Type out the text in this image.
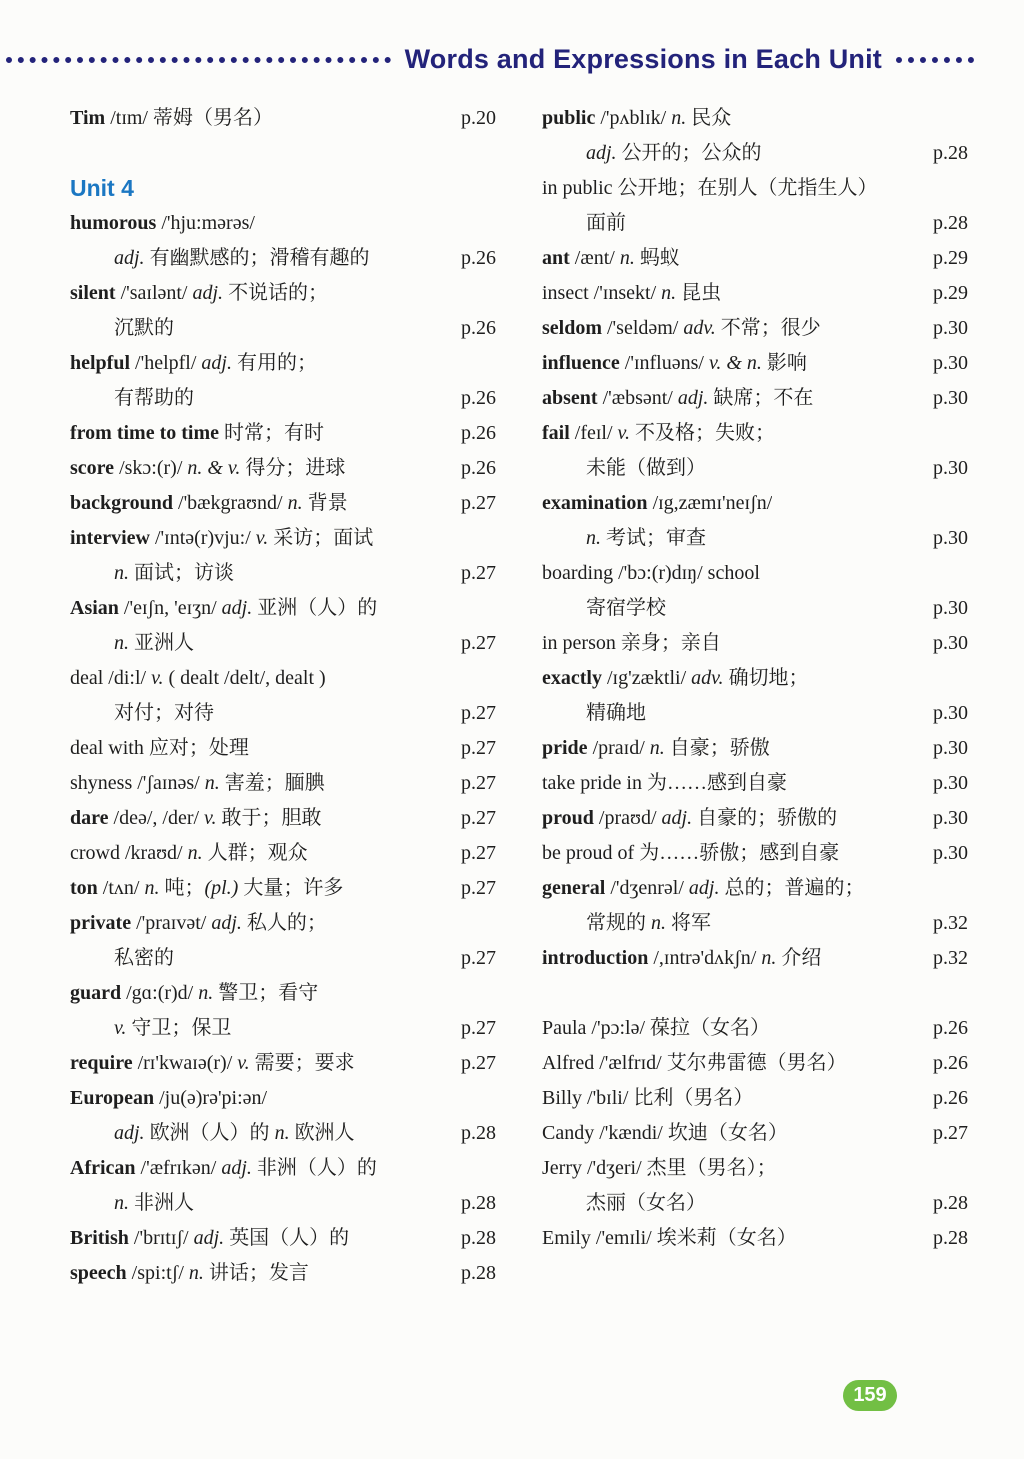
Words and Expressions in Each Unit
Tim /tɪm/ 蒂姆（男名）	p.20
Unit 4
humorous /'hju:mərəs/
adj. 有幽默感的；滑稽有趣的	p.26
silent /'saɪlənt/ adj. 不说话的；
沉默的	p.26
helpful /'helpfl/ adj. 有用的；
有帮助的	p.26
from time to time 时常；有时	p.26
score /skɔ:(r)/ n. & v. 得分；进球	p.26
background /'bækgraʊnd/ n. 背景	p.27
interview /'ɪntə(r)vju:/ v. 采访；面试
n. 面试；访谈	p.27
Asian /'eɪʃn, 'eɪʒn/ adj. 亚洲（人）的
n. 亚洲人	p.27
deal /di:l/ v. ( dealt /delt/, dealt )
对付；对待	p.27
deal with 应对；处理	p.27
shyness /'ʃaɪnəs/ n. 害羞；腼腆	p.27
dare /deə/, /der/ v. 敢于；胆敢	p.27
crowd /kraʊd/ n. 人群；观众	p.27
ton /tʌn/ n. 吨；(pl.) 大量；许多	p.27
private /'praɪvət/ adj. 私人的；
私密的	p.27
guard /gɑ:(r)d/ n. 警卫；看守
v. 守卫；保卫	p.27
require /rɪ'kwaɪə(r)/ v. 需要；要求	p.27
European /ju(ə)rə'pi:ən/
adj. 欧洲（人）的 n. 欧洲人	p.28
African /'æfrɪkən/ adj. 非洲（人）的
n. 非洲人	p.28
British /'brɪtɪʃ/ adj. 英国（人）的	p.28
speech /spi:tʃ/ n. 讲话；发言	p.28
public /'pʌblɪk/ n. 民众
adj. 公开的；公众的	p.28
in public 公开地；在别人（尤指生人）
面前	p.28
ant /ænt/ n. 蚂蚁	p.29
insect /'ɪnsekt/ n. 昆虫	p.29
seldom /'seldəm/ adv. 不常；很少	p.30
influence /'ɪnfluəns/ v. & n. 影响	p.30
absent /'æbsənt/ adj. 缺席；不在	p.30
fail /feɪl/ v. 不及格；失败；
未能（做到）	p.30
examination /ɪg,zæmɪ'neɪʃn/
n. 考试；审查	p.30
boarding /'bɔ:(r)dɪŋ/ school
寄宿学校	p.30
in person 亲身；亲自	p.30
exactly /ɪg'zæktli/ adv. 确切地；
精确地	p.30
pride /praɪd/ n. 自豪；骄傲	p.30
take pride in 为……感到自豪	p.30
proud /praʊd/ adj. 自豪的；骄傲的	p.30
be proud of 为……骄傲；感到自豪	p.30
general /'dʒenrəl/ adj. 总的；普遍的；
常规的 n. 将军	p.32
introduction /,ɪntrə'dʌkʃn/ n. 介绍	p.32
Paula /'pɔ:lə/ 葆拉（女名）	p.26
Alfred /'ælfrɪd/ 艾尔弗雷德（男名）	p.26
Billy /'bɪli/ 比利（男名）	p.26
Candy /'kændi/ 坎迪（女名）	p.27
Jerry /'dʒeri/ 杰里（男名）；
杰丽（女名）	p.28
Emily /'emɪli/ 埃米莉（女名）	p.28
159
